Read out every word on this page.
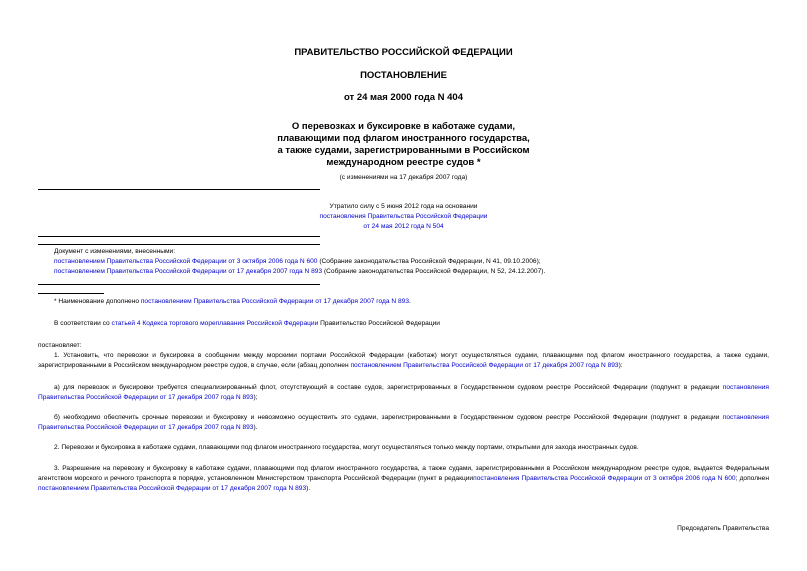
ПРАВИТЕЛЬСТВО РОССИЙСКОЙ ФЕДЕРАЦИИ
ПОСТАНОВЛЕНИЕ
от 24 мая 2000 года N 404
О перевозках и буксировке в каботаже судами,
плавающими под флагом иностранного государства,
а также судами, зарегистрированными в Российском
международном реестре судов *
(с изменениями на 17 декабря 2007 года)
Утратило силу с 5 июня 2012 года на основании
постановления Правительства Российской Федерации
от 24 мая 2012 года N 504
Документ с изменениями, внесенными:
постановлением Правительства Российской Федерации от 3 октября 2006 года N 600 (Собрание законодательства Российской Федерации, N 41, 09.10.2006);
постановлением Правительства Российской Федерации от 17 декабря 2007 года N 893 (Собрание законодательства Российской Федерации, N 52, 24.12.2007).
* Наименование дополнено постановлением Правительства Российской Федерации от 17 декабря 2007 года N 893.
В соответствии со статьей 4 Кодекса торгового мореплавания Российской Федерации Правительство Российской Федерации
постановляет:
1. Установить, что перевозки и буксировка в сообщении между морскими портами Российской Федерации (каботаж) могут осуществляться судами, плавающими под флагом иностранного государства, а также судами, зарегистрированными в Российском международном реестре судов, в случае, если (абзац дополнен постановлением Правительства Российской Федерации от 17 декабря 2007 года N 893):
а) для перевозок и буксировки требуется специализированный флот, отсутствующий в составе судов, зарегистрированных в Государственном судовом реестре Российской Федерации (подпункт в редакции постановления Правительства Российской Федерации от 17 декабря 2007 года N 893);
б) необходимо обеспечить срочные перевозки и буксировку и невозможно осуществить это судами, зарегистрированными в Государственном судовом реестре Российской Федерации (подпункт в редакции постановления Правительства Российской Федерации от 17 декабря 2007 года N 893).
2. Перевозки и буксировка в каботаже судами, плавающими под флагом иностранного государства, могут осуществляться только между портами, открытыми для захода иностранных судов.
3. Разрешение на перевозку и буксировку в каботаже судами, плавающими под флагом иностранного государства, а также судами, зарегистрированными в Российском международном реестре судов, выдается Федеральным агентством морского и речного транспорта в порядке, установленном Министерством транспорта Российской Федерации (пункт в редакциипостановления Правительства Российской Федерации от 3 октября 2006 года N 600; дополнен постановлением Правительства Российской Федерации от 17 декабря 2007 года N 893).
Председатель Правительства
